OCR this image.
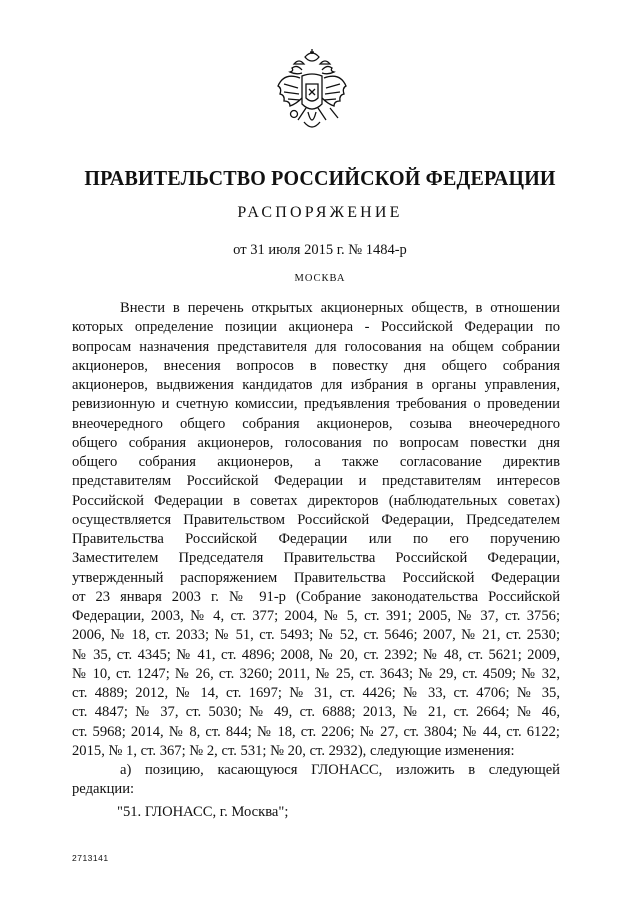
ПРАВИТЕЛЬСТВО РОССИЙСКОЙ ФЕДЕРАЦИИ
РАСПОРЯЖЕНИЕ
от 31 июля 2015 г. № 1484-р
МОСКВА
Внести в перечень открытых акционерных обществ, в отношении
которых определение позиции акционера - Российской Федерации по
вопросам назначения представителя для голосования на общем собрании
акционеров, внесения вопросов в повестку дня общего собрания
акционеров, выдвижения кандидатов для избрания в органы управления,
ревизионную и счетную комиссии, предъявления требования о проведении
внеочередного общего собрания акционеров, созыва внеочередного
общего собрания акционеров, голосования по вопросам повестки дня
общего собрания акционеров, а также согласование директив
представителям Российской Федерации и представителям интересов
Российской Федерации в советах директоров (наблюдательных советах)
осуществляется Правительством Российской Федерации, Председателем
Правительства Российской Федерации или по его поручению
Заместителем Председателя Правительства Российской Федерации,
утвержденный распоряжением Правительства Российской Федерации
от 23 января 2003 г. № 91-р (Собрание законодательства Российской
Федерации, 2003, № 4, ст. 377; 2004, № 5, ст. 391; 2005, № 37, ст. 3756;
2006, № 18, ст. 2033; № 51, ст. 5493; № 52, ст. 5646; 2007, № 21, ст. 2530;
№ 35, ст. 4345; № 41, ст. 4896; 2008, № 20, ст. 2392; № 48, ст. 5621; 2009,
№ 10, ст. 1247; № 26, ст. 3260; 2011, № 25, ст. 3643; № 29, ст. 4509; № 32,
ст. 4889; 2012, № 14, ст. 1697; № 31, ст. 4426; № 33, ст. 4706; № 35,
ст. 4847; № 37, ст. 5030; № 49, ст. 6888; 2013, № 21, ст. 2664; № 46,
ст. 5968; 2014, № 8, ст. 844; № 18, ст. 2206; № 27, ст. 3804; № 44, ст. 6122;
2015, № 1, ст. 367; № 2, ст. 531; № 20, ст. 2932), следующие изменения:
а) позицию, касающуюся ГЛОНАСС, изложить в следующей
редакции:
"51. ГЛОНАСС, г. Москва";
2713141
